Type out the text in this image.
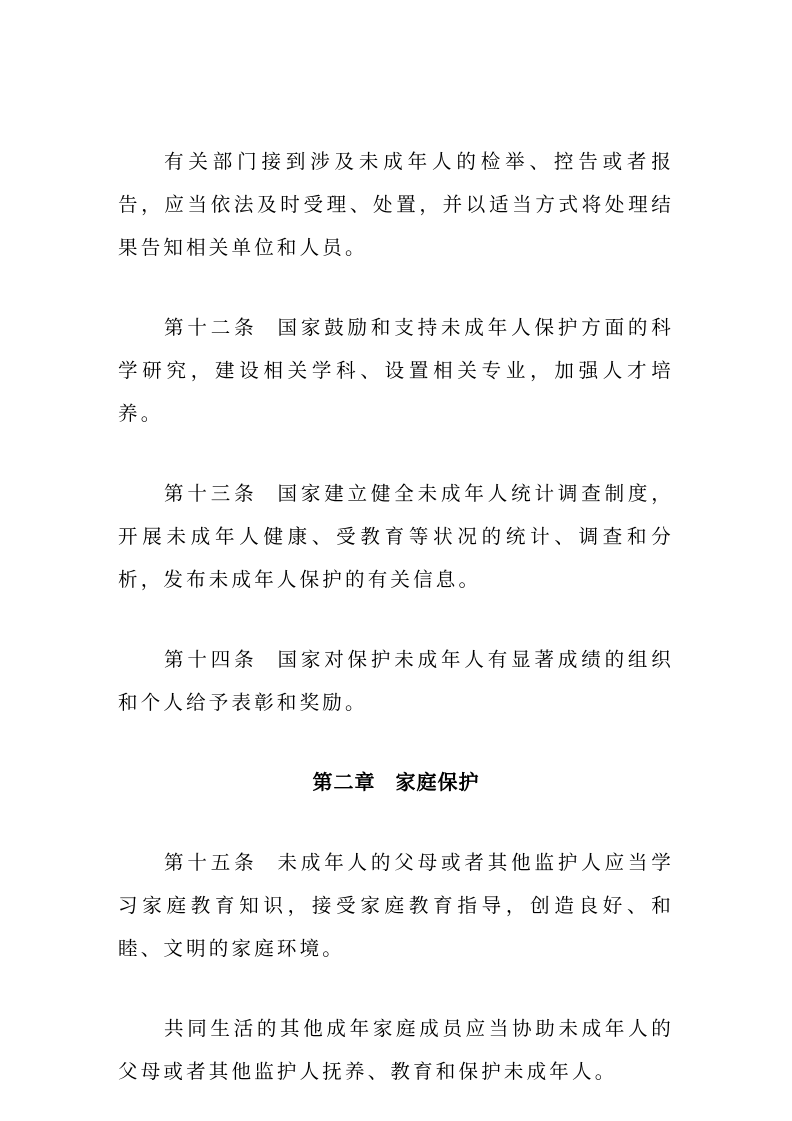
有关部门接到涉及未成年人的检举、控告或者报告，应当依法及时受理、处置，并以适当方式将处理结果告知相关单位和人员。

第十二条 国家鼓励和支持未成年人保护方面的科学研究，建设相关学科、设置相关专业，加强人才培养。

第十三条 国家建立健全未成年人统计调查制度，开展未成年人健康、受教育等状况的统计、调查和分析，发布未成年人保护的有关信息。

第十四条 国家对保护未成年人有显著成绩的组织和个人给予表彰和奖励。

第二章 家庭保护

第十五条 未成年人的父母或者其他监护人应当学习家庭教育知识，接受家庭教育指导，创造良好、和睦、文明的家庭环境。

共同生活的其他成年家庭成员应当协助未成年人的父母或者其他监护人抚养、教育和保护未成年人。
